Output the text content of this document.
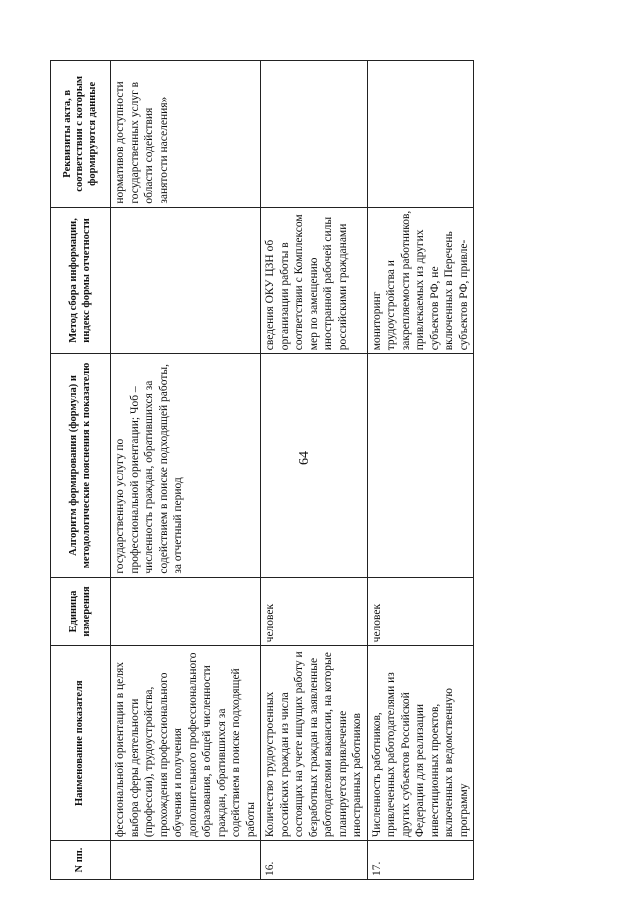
64
N пп.	Наименование показателя	Единица измерения	Алгоритм формирования (формула) и методологические пояснения к показателю	Метод сбора информации, индекс формы отчетности	Реквизиты акта, в соответствии с которым формируются данные
	фессиональной ориентации в целях выбора сферы деятельности (профессии), трудоустройства, прохождения профессионального обучения и получения дополнительного профессионального образования, в общей численности граждан, обратившихся за содействием в поиске подходящей работы		государственную услугу по профессиональной ориентации; Чоб – численность граждан, обратившихся за содействием в поиске подходящей работы, за отчетный период		нормативов доступности государственных услуг в области содействия занятости населения»
16.	Количество трудоустроенных российских граждан из числа состоящих на учете ищущих работу и безработных граждан на заявленные работодателями вакансии, на которые планируется привлечение иностранных работников	человек		сведения ОКУ ЦЗН об организации работы в соответствии с Комплексом мер по замещению иностранной рабочей силы российскими гражданами	
17.	Численность работников, привлеченных работодателями из других субъектов Российской Федерации для реализации инвестиционных проектов, включенных в ведомственную программу	человек		мониторинг трудоустройства и закрепляемости работников, привлекаемых из других субъектов РФ, не включенных в Перечень субъектов РФ, привле-	
